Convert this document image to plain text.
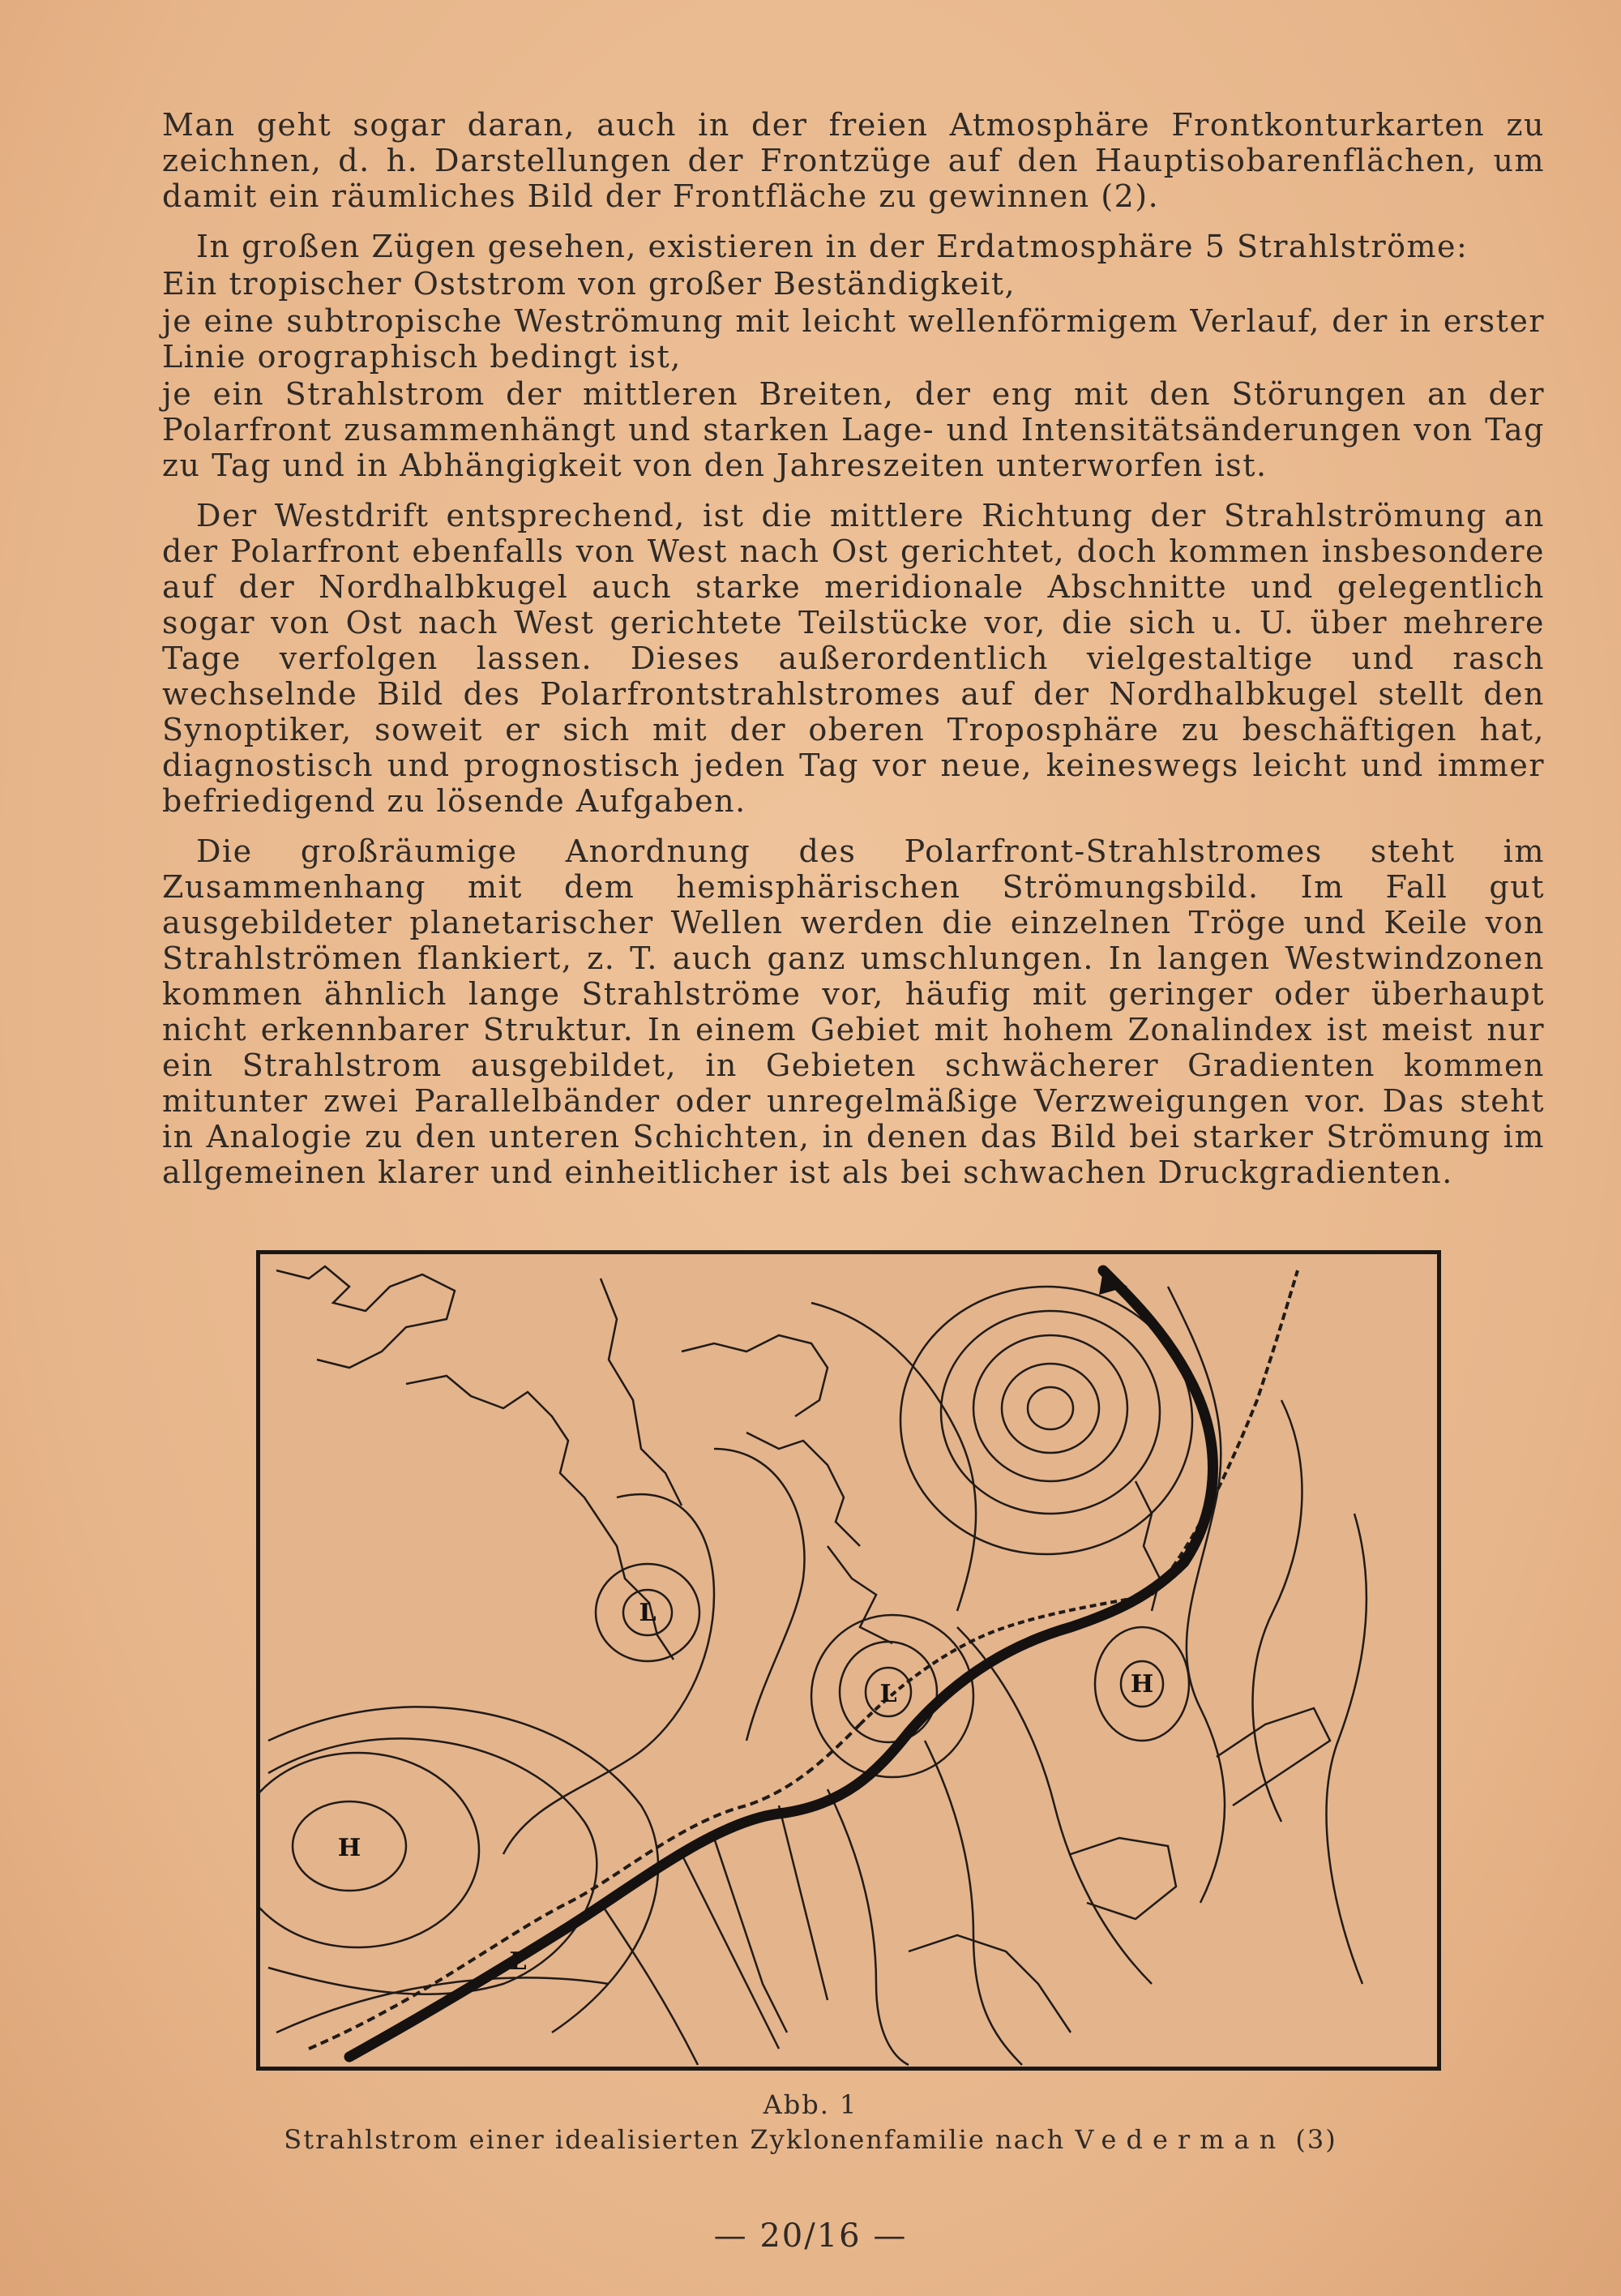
Man geht sogar daran, auch in der freien Atmosphäre Frontkonturkarten zu zeichnen, d. h. Darstellungen der Frontzüge auf den Hauptisobarenflächen, um damit ein räumliches Bild der Frontfläche zu gewinnen (2).

In großen Zügen gesehen, existieren in der Erdatmosphäre 5 Strahlströme:

Ein tropischer Oststrom von großer Beständigkeit,

je eine subtropische Weströmung mit leicht wellenförmigem Verlauf, der in erster Linie orographisch bedingt ist,

je ein Strahlstrom der mittleren Breiten, der eng mit den Störungen an der Polarfront zusammenhängt und starken Lage- und Intensitätsänderungen von Tag zu Tag und in Abhängigkeit von den Jahreszeiten unterworfen ist.

Der Westdrift entsprechend, ist die mittlere Richtung der Strahlströmung an der Polarfront ebenfalls von West nach Ost gerichtet, doch kommen insbesondere auf der Nordhalbkugel auch starke meridionale Abschnitte und gelegentlich sogar von Ost nach West gerichtete Teilstücke vor, die sich u. U. über mehrere Tage verfolgen lassen. Dieses außerordentlich vielgestaltige und rasch wechselnde Bild des Polarfrontstrahlstromes auf der Nordhalbkugel stellt den Synoptiker, soweit er sich mit der oberen Troposphäre zu beschäftigen hat, diagnostisch und prognostisch jeden Tag vor neue, keineswegs leicht und immer befriedigend zu lösende Aufgaben.

Die großräumige Anordnung des Polarfront-Strahlstromes steht im Zusammenhang mit dem hemisphärischen Strömungsbild. Im Fall gut ausgebildeter planetarischer Wellen werden die einzelnen Tröge und Keile von Strahlströmen flankiert, z. T. auch ganz umschlungen. In langen Westwindzonen kommen ähnlich lange Strahlströme vor, häufig mit geringer oder überhaupt nicht erkennbarer Struktur. In einem Gebiet mit hohem Zonalindex ist meist nur ein Strahlstrom ausgebildet, in Gebieten schwächerer Gradienten kommen mitunter zwei Parallelbänder oder unregelmäßige Verzweigungen vor. Das steht in Analogie zu den unteren Schichten, in denen das Bild bei starker Strömung im allgemeinen klarer und einheitlicher ist als bei schwachen Druckgradienten.

L
L
L
H
H
Abb. 1
Strahlstrom einer idealisierten Zyklonenfamilie nach Vederman (3)
— 20/16 —
